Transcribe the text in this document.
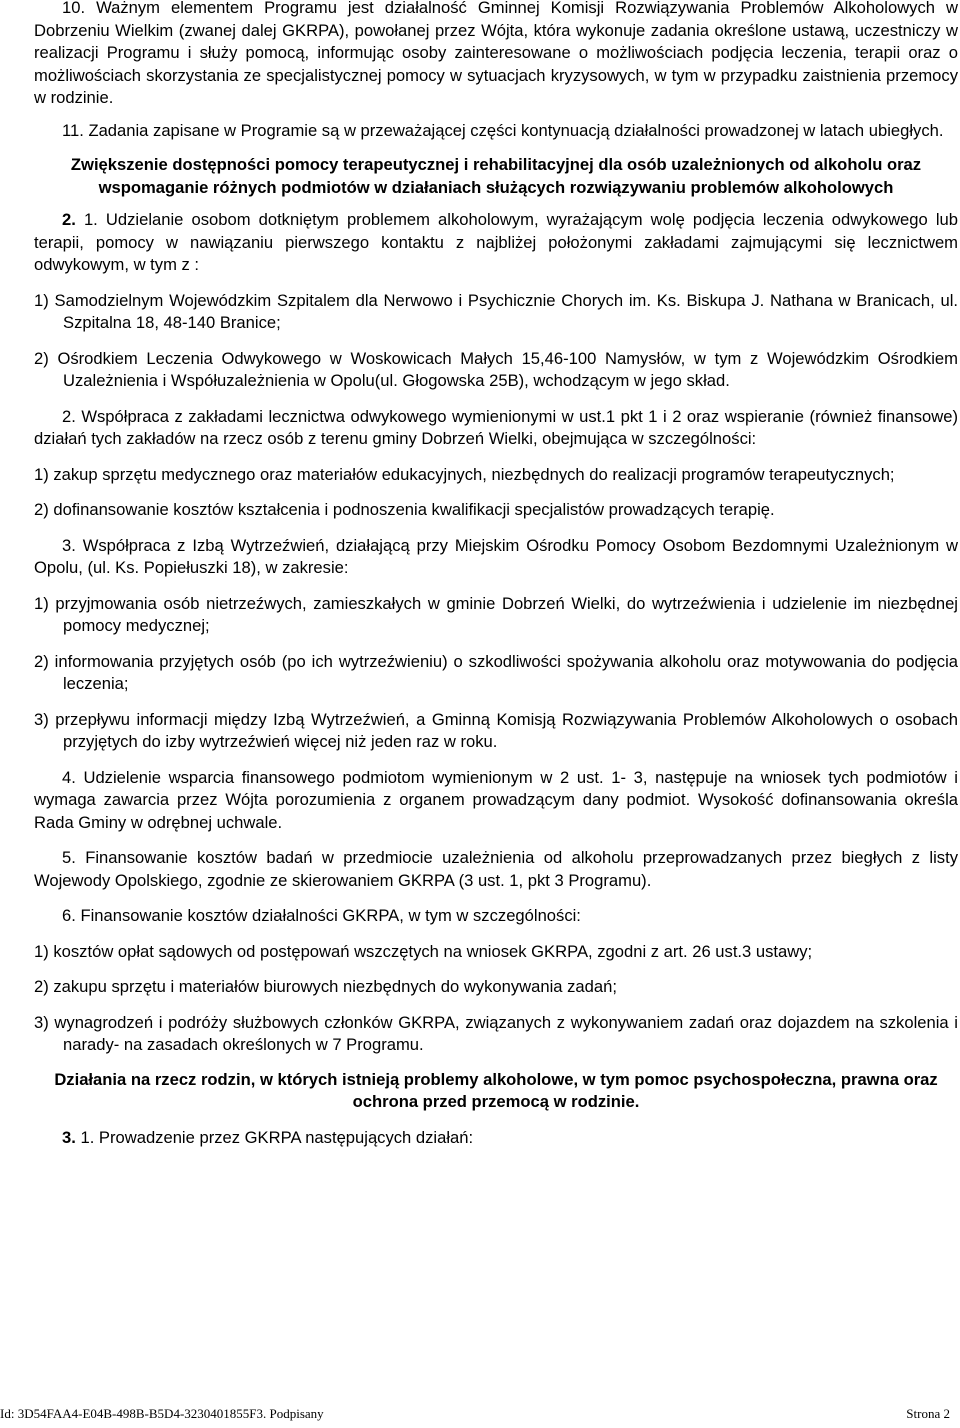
10. Ważnym elementem Programu jest działalność Gminnej Komisji Rozwiązywania Problemów Alkoholowych w Dobrzeniu Wielkim (zwanej dalej GKRPA), powołanej przez Wójta, która wykonuje zadania określone ustawą, uczestniczy w realizacji Programu i służy pomocą, informując osoby zainteresowane o możliwościach podjęcia leczenia, terapii oraz o możliwościach skorzystania ze specjalistycznej pomocy w sytuacjach kryzysowych, w tym w przypadku zaistnienia przemocy w rodzinie.

11. Zadania zapisane w Programie są w przeważającej części kontynuacją działalności prowadzonej w latach ubiegłych.

Zwiększenie dostępności pomocy terapeutycznej i rehabilitacyjnej dla osób uzależnionych od alkoholu oraz wspomaganie różnych podmiotów w działaniach służących rozwiązywaniu problemów alkoholowych

2. 1. Udzielanie osobom dotkniętym problemem alkoholowym, wyrażającym wolę podjęcia leczenia odwykowego lub terapii, pomocy w nawiązaniu pierwszego kontaktu z najbliżej położonymi zakładami zajmującymi się lecznictwem odwykowym, w tym z :

1) Samodzielnym Wojewódzkim Szpitalem dla Nerwowo i Psychicznie Chorych im. Ks. Biskupa J. Nathana w Branicach, ul. Szpitalna 18, 48-140 Branice;

2) Ośrodkiem Leczenia Odwykowego w Woskowicach Małych 15,46-100 Namysłów, w tym z Wojewódzkim Ośrodkiem Uzależnienia i Współuzależnienia w Opolu(ul. Głogowska 25B), wchodzącym w jego skład.

2. Współpraca z zakładami lecznictwa odwykowego wymienionymi w ust.1 pkt 1 i 2 oraz wspieranie (również finansowe) działań tych zakładów na rzecz osób z terenu gminy Dobrzeń Wielki, obejmująca w szczególności:

1) zakup sprzętu medycznego oraz materiałów edukacyjnych, niezbędnych do realizacji programów terapeutycznych;

2) dofinansowanie kosztów kształcenia i podnoszenia kwalifikacji specjalistów prowadzących terapię.

3. Współpraca z Izbą Wytrzeźwień, działającą przy Miejskim Ośrodku Pomocy Osobom Bezdomnymi Uzależnionym w Opolu, (ul. Ks. Popiełuszki 18), w zakresie:

1) przyjmowania osób nietrzeźwych, zamieszkałych w gminie Dobrzeń Wielki, do wytrzeźwienia i udzielenie im niezbędnej pomocy medycznej;

2) informowania przyjętych osób (po ich wytrzeźwieniu) o szkodliwości spożywania alkoholu oraz motywowania do podjęcia leczenia;

3) przepływu informacji między Izbą Wytrzeźwień, a Gminną Komisją Rozwiązywania Problemów Alkoholowych o osobach przyjętych do izby wytrzeźwień więcej niż jeden raz w roku.

4. Udzielenie wsparcia finansowego podmiotom wymienionym w 2 ust. 1- 3, następuje na wniosek tych podmiotów i wymaga zawarcia przez Wójta porozumienia z organem prowadzącym dany podmiot. Wysokość dofinansowania określa Rada Gminy w odrębnej uchwale.

5. Finansowanie kosztów badań w przedmiocie uzależnienia od alkoholu przeprowadzanych przez biegłych z listy Wojewody Opolskiego, zgodnie ze skierowaniem GKRPA (3 ust. 1, pkt 3 Programu).

6. Finansowanie kosztów działalności GKRPA, w tym w szczególności:

1) kosztów opłat sądowych od postępowań wszczętych na wniosek GKRPA, zgodni z art. 26 ust.3 ustawy;

2) zakupu sprzętu i materiałów biurowych niezbędnych do wykonywania zadań;

3) wynagrodzeń i podróży służbowych członków GKRPA, związanych z wykonywaniem zadań oraz dojazdem na szkolenia i narady- na zasadach określonych w 7 Programu.

Działania na rzecz rodzin, w których istnieją problemy alkoholowe, w tym pomoc psychospołeczna, prawna oraz ochrona przed przemocą w rodzinie.

3. 1. Prowadzenie przez GKRPA następujących działań:

Id: 3D54FAA4-E04B-498B-B5D4-3230401855F3. Podpisany	Strona 2
